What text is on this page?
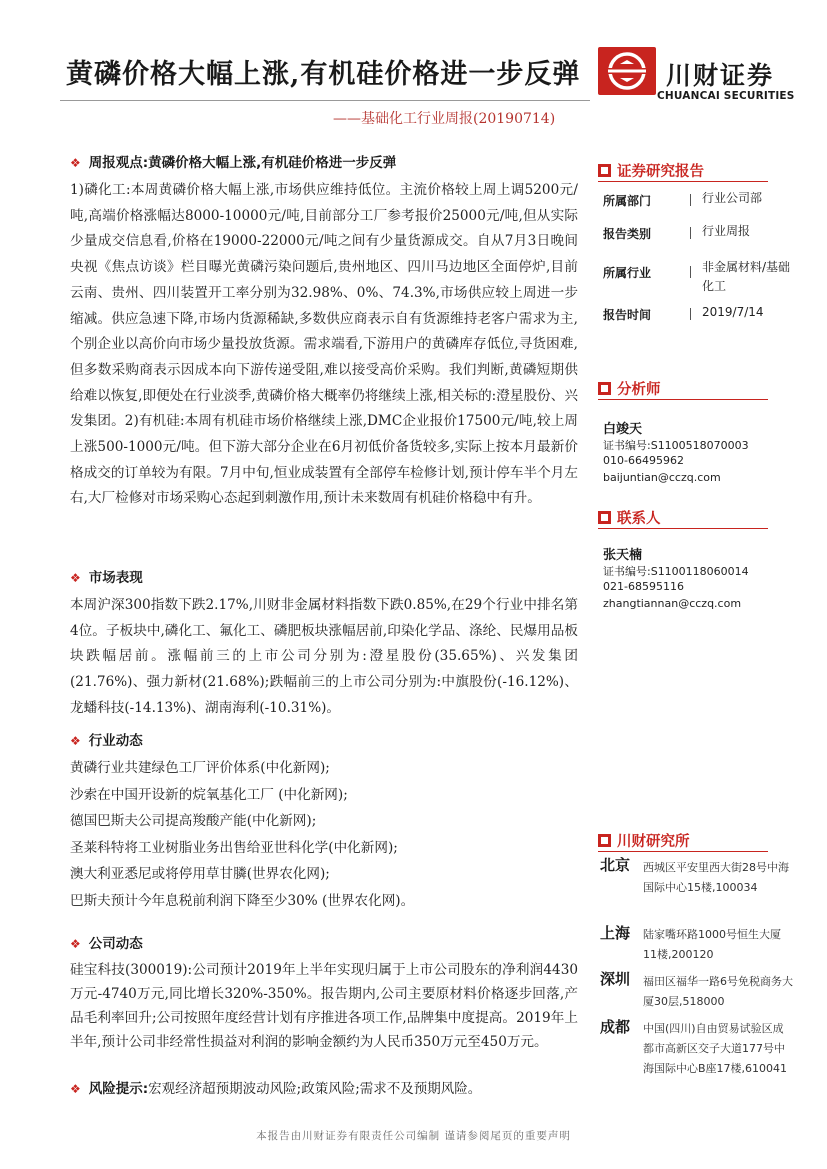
黄磷价格大幅上涨,有机硅价格进一步反弹
——基础化工行业周报(20190714)
川财证券
CHUANCAI SECURITIES
❖ 周报观点:黄磷价格大幅上涨,有机硅价格进一步反弹
1)磷化工:本周黄磷价格大幅上涨,市场供应维持低位。主流价格较上周上调5200元/吨,高端价格涨幅达8000-10000元/吨,目前部分工厂参考报价25000元/吨,但从实际少量成交信息看,价格在19000-22000元/吨之间有少量货源成交。自从7月3日晚间央视《焦点访谈》栏目曝光黄磷污染问题后,贵州地区、四川马边地区全面停炉,目前云南、贵州、四川装置开工率分别为32.98%、0%、74.3%,市场供应较上周进一步缩减。供应急速下降,市场内货源稀缺,多数供应商表示自有货源维持老客户需求为主,个别企业以高价向市场少量投放货源。需求端看,下游用户的黄磷库存低位,寻货困难,但多数采购商表示因成本向下游传递受阻,难以接受高价采购。我们判断,黄磷短期供给难以恢复,即便处在行业淡季,黄磷价格大概率仍将继续上涨,相关标的:澄星股份、兴发集团。2)有机硅:本周有机硅市场价格继续上涨,DMC企业报价17500元/吨,较上周上涨500-1000元/吨。但下游大部分企业在6月初低价备货较多,实际上按本月最新价格成交的订单较为有限。7月中旬,恒业成装置有全部停车检修计划,预计停车半个月左右,大厂检修对市场采购心态起到刺激作用,预计未来数周有机硅价格稳中有升。
❖ 市场表现
本周沪深300指数下跌2.17%,川财非金属材料指数下跌0.85%,在29个行业中排名第4位。子板块中,磷化工、氟化工、磷肥板块涨幅居前,印染化学品、涤纶、民爆用品板块跌幅居前。涨幅前三的上市公司分别为:澄星股份(35.65%)、兴发集团(21.76%)、强力新材(21.68%);跌幅前三的上市公司分别为:中旗股份(-16.12%)、龙蟠科技(-14.13%)、湖南海利(-10.31%)。
❖ 行业动态
黄磷行业共建绿色工厂评价体系(中化新网);
沙索在中国开设新的烷氧基化工厂 (中化新网);
德国巴斯夫公司提高羧酸产能(中化新网);
圣莱科特将工业树脂业务出售给亚世科化学(中化新网);
澳大利亚悉尼或将停用草甘膦(世界农化网);
巴斯夫预计今年息税前利润下降至少30% (世界农化网)。
❖ 公司动态
硅宝科技(300019):公司预计2019年上半年实现归属于上市公司股东的净利润4430万元-4740万元,同比增长320%-350%。报告期内,公司主要原材料价格逐步回落,产品毛利率回升;公司按照年度经营计划有序推进各项工作,品牌集中度提高。2019年上半年,预计公司非经常性损益对利润的影响金额约为人民币350万元至450万元。
❖ 风险提示:宏观经济超预期波动风险;政策风险;需求不及预期风险。
证券研究报告
所属部门	行业公司部
报告类别	行业周报
所属行业	非金属材料/基础化工
报告时间	2019/7/14
分析师
白竣天
证书编号:S1100518070003
010-66495962
baijuntian@cczq.com
联系人
张天楠
证书编号:S1100118060014
021-68595116
zhangtiannan@cczq.com
川财研究所
北京 西城区平安里西大街28号中海国际中心15楼,100034
上海 陆家嘴环路1000号恒生大厦11楼,200120
深圳 福田区福华一路6号免税商务大厦30层,518000
成都 中国(四川)自由贸易试验区成都市高新区交子大道177号中海国际中心B座17楼,610041
本报告由川财证券有限责任公司编制 谨请参阅尾页的重要声明
